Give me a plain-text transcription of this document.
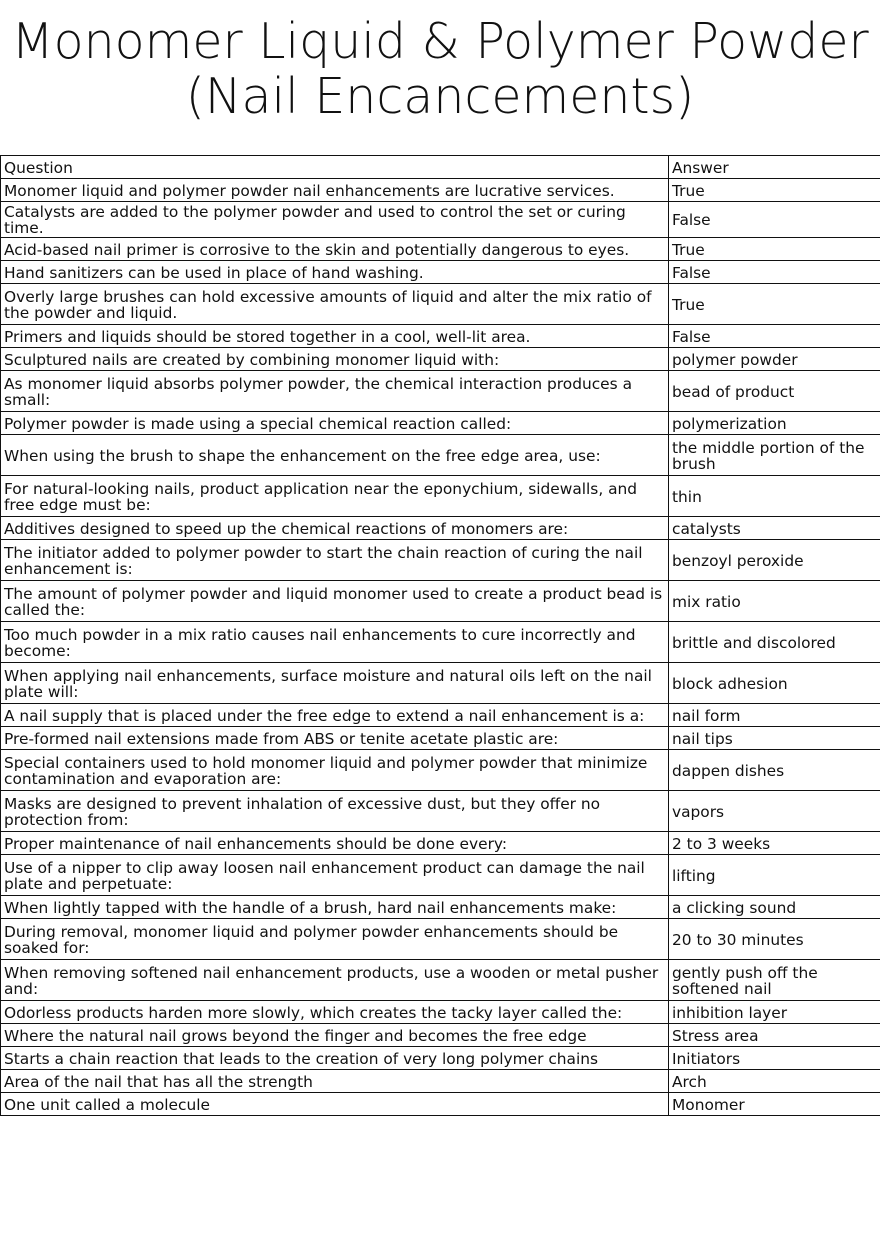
Monomer Liquid & Polymer Powder
(Nail Encancements)
Question	Answer
Monomer liquid and polymer powder nail enhancements are lucrative services.	True
Catalysts are added to the polymer powder and used to control the set or curing time.	False
Acid-based nail primer is corrosive to the skin and potentially dangerous to eyes.	True
Hand sanitizers can be used in place of hand washing.	False
Overly large brushes can hold excessive amounts of liquid and alter the mix ratio of the powder and liquid.	True
Primers and liquids should be stored together in a cool, well-lit area.	False
Sculptured nails are created by combining monomer liquid with:	polymer powder
As monomer liquid absorbs polymer powder, the chemical interaction produces a small:	bead of product
Polymer powder is made using a special chemical reaction called:	polymerization
When using the brush to shape the enhancement on the free edge area, use:	the middle portion of the brush
For natural-looking nails, product application near the eponychium, sidewalls, and free edge must be:	thin
Additives designed to speed up the chemical reactions of monomers are:	catalysts
The initiator added to polymer powder to start the chain reaction of curing the nail enhancement is:	benzoyl peroxide
The amount of polymer powder and liquid monomer used to create a product bead is called the:	mix ratio
Too much powder in a mix ratio causes nail enhancements to cure incorrectly and become:	brittle and discolored
When applying nail enhancements, surface moisture and natural oils left on the nail plate will:	block adhesion
A nail supply that is placed under the free edge to extend a nail enhancement is a:	nail form
Pre-formed nail extensions made from ABS or tenite acetate plastic are:	nail tips
Special containers used to hold monomer liquid and polymer powder that minimize contamination and evaporation are:	dappen dishes
Masks are designed to prevent inhalation of excessive dust, but they offer no protection from:	vapors
Proper maintenance of nail enhancements should be done every:	2 to 3 weeks
Use of a nipper to clip away loosen nail enhancement product can damage the nail plate and perpetuate:	lifting
When lightly tapped with the handle of a brush, hard nail enhancements make:	a clicking sound
During removal, monomer liquid and polymer powder enhancements should be soaked for:	20 to 30 minutes
When removing softened nail enhancement products, use a wooden or metal pusher and:	gently push off the softened nail
Odorless products harden more slowly, which creates the tacky layer called the:	inhibition layer
Where the natural nail grows beyond the finger and becomes the free edge	Stress area
Starts a chain reaction that leads to the creation of very long polymer chains	Initiators
Area of the nail that has all the strength	Arch
One unit called a molecule	Monomer
